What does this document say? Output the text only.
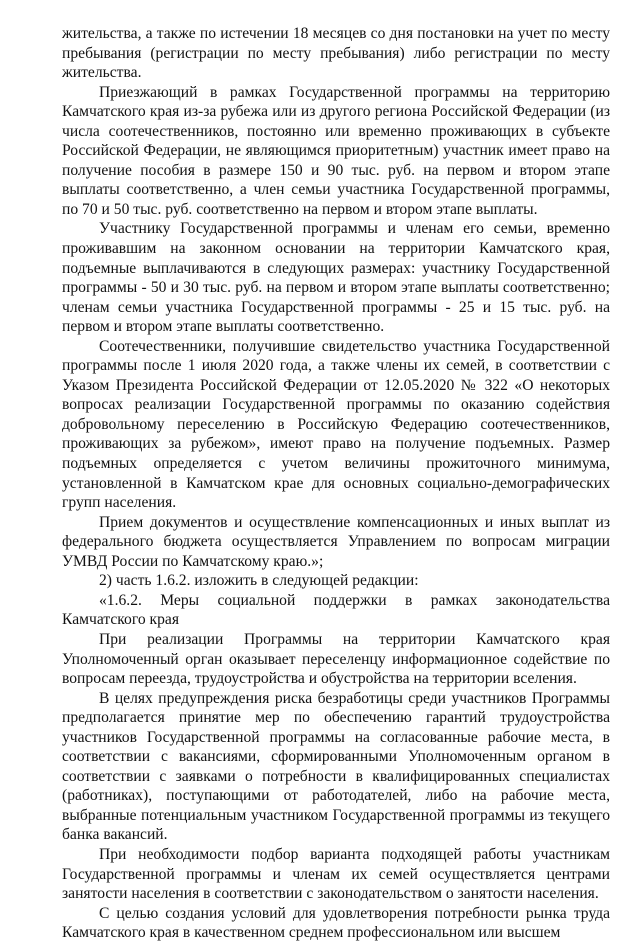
жительства, а также по истечении 18 месяцев со дня постановки на учет по месту пребывания (регистрации по месту пребывания) либо регистрации по месту жительства.

Приезжающий в рамках Государственной программы на территорию Камчатского края из-за рубежа или из другого региона Российской Федерации (из числа соотечественников, постоянно или временно проживающих в субъекте Российской Федерации, не являющимся приоритетным) участник имеет право на получение пособия в размере 150 и 90 тыс. руб. на первом и втором этапе выплаты соответственно, а член семьи участника Государственной программы, по 70 и 50 тыс. руб. соответственно на первом и втором этапе выплаты.

Участнику Государственной программы и членам его семьи, временно проживавшим на законном основании на территории Камчатского края, подъемные выплачиваются в следующих размерах: участнику Государственной программы - 50 и 30 тыс. руб. на первом и втором этапе выплаты соответственно; членам семьи участника Государственной программы - 25 и 15 тыс. руб. на первом и втором этапе выплаты соответственно.

Соотечественники, получившие свидетельство участника Государственной программы после 1 июля 2020 года, а также члены их семей, в соответствии с Указом Президента Российской Федерации от 12.05.2020 № 322 «О некоторых вопросах реализации Государственной программы по оказанию содействия добровольному переселению в Российскую Федерацию соотечественников, проживающих за рубежом», имеют право на получение подъемных. Размер подъемных определяется с учетом величины прожиточного минимума, установленной в Камчатском крае для основных социально-демографических групп населения.

Прием документов и осуществление компенсационных и иных выплат из федерального бюджета осуществляется Управлением по вопросам миграции УМВД России по Камчатскому краю.»;

2) часть 1.6.2. изложить в следующей редакции:

«1.6.2. Меры социальной поддержки в рамках законодательства Камчатского края

При реализации Программы на территории Камчатского края Уполномоченный орган оказывает переселенцу информационное содействие по вопросам переезда, трудоустройства и обустройства на территории вселения.

В целях предупреждения риска безработицы среди участников Программы предполагается принятие мер по обеспечению гарантий трудоустройства участников Государственной программы на согласованные рабочие места, в соответствии с вакансиями, сформированными Уполномоченным органом в соответствии с заявками о потребности в квалифицированных специалистах (работниках), поступающими от работодателей, либо на рабочие места, выбранные потенциальным участником Государственной программы из текущего банка вакансий.

При необходимости подбор варианта подходящей работы участникам Государственной программы и членам их семей осуществляется центрами занятости населения в соответствии с законодательством о занятости населения.

С целью создания условий для удовлетворения потребности рынка труда Камчатского края в качественном среднем профессиональном или высшем
